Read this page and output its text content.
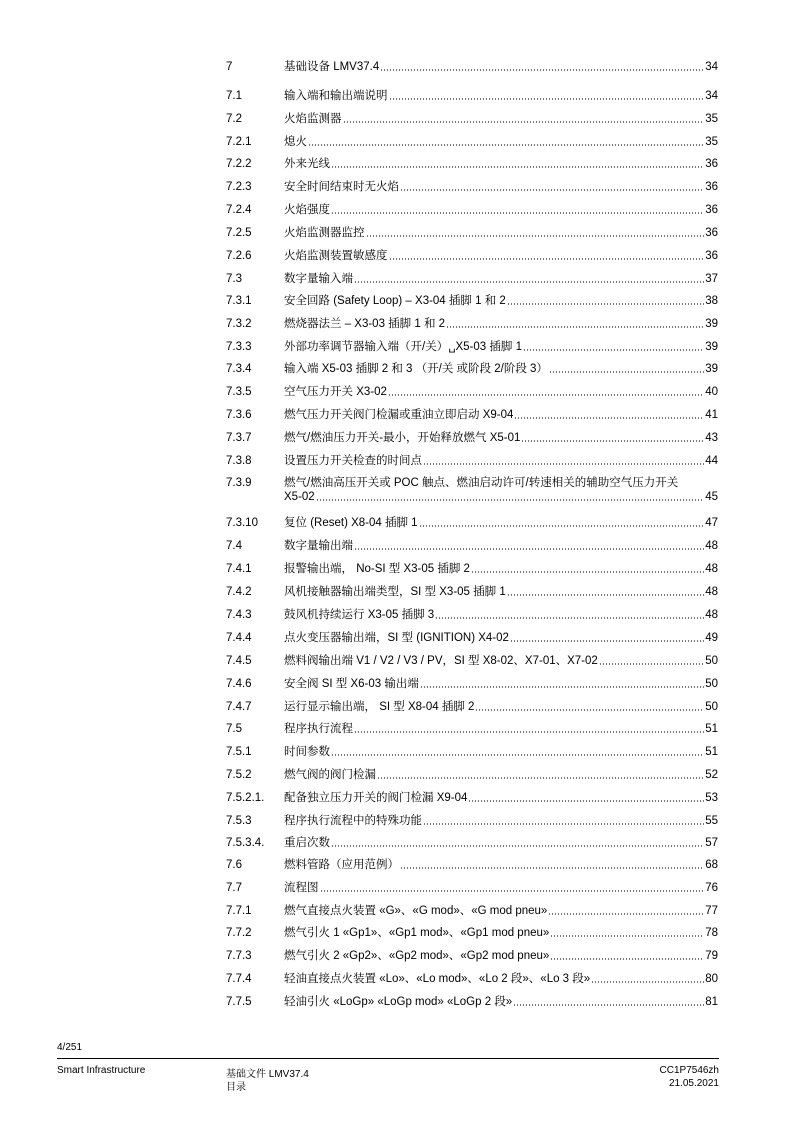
7	基础设备 LMV37.4	34
7.1	输入端和输出端说明	34
7.2	火焰监测器	35
7.2.1	熄火	35
7.2.2	外来光线	36
7.2.3	安全时间结束时无火焰	36
7.2.4	火焰强度	36
7.2.5	火焰监测器监控	36
7.2.6	火焰监测装置敏感度	36
7.3	数字量输入端	37
7.3.1	安全回路 (Safety Loop) – X3-04 插脚 1 和 2	38
7.3.2	燃烧器法兰 – X3-03 插脚 1 和 2	39
7.3.3	外部功率调节器输入端（开/关）␣X5-03 插脚 1	39
7.3.4	输入端 X5-03 插脚 2 和 3 （开/关 或阶段 2/阶段 3）	39
7.3.5	空气压力开关 X3-02	40
7.3.6	燃气压力开关阀门检漏或重油立即启动 X9-04	41
7.3.7	燃气/燃油压力开关-最小，开始释放燃气 X5-01	43
7.3.8	设置压力开关检查的时间点	44
7.3.9	燃气/燃油高压开关或 POC 触点、燃油启动许可/转速相关的辅助空气压力开关
X5-02	45
7.3.10	复位 (Reset) X8-04 插脚 1	47
7.4	数字量输出端	48
7.4.1	报警输出端， No-SI 型 X3-05 插脚 2	48
7.4.2	风机接触器输出端类型，SI 型 X3-05 插脚 1	48
7.4.3	鼓风机持续运行 X3-05 插脚 3	48
7.4.4	点火变压器输出端，SI 型 (IGNITION) X4-02	49
7.4.5	燃料阀输出端 V1 / V2 / V3 / PV，SI 型 X8-02、X7-01、X7-02	50
7.4.6	安全阀 SI 型 X6-03 输出端	50
7.4.7	运行显示输出端， SI 型 X8-04 插脚 2	50
7.5	程序执行流程	51
7.5.1	时间参数	51
7.5.2	燃气阀的阀门检漏	52
7.5.2.1.	配备独立压力开关的阀门检漏 X9-04	53
7.5.3	程序执行流程中的特殊功能	55
7.5.3.4.	重启次数	57
7.6	燃料管路（应用范例）	68
7.7	流程图	76
7.7.1	燃气直接点火装置 «G»、«G mod»、«G mod pneu»	77
7.7.2	燃气引火 1 «Gp1»、«Gp1 mod»、«Gp1 mod pneu»	78
7.7.3	燃气引火 2 «Gp2»、«Gp2 mod»、«Gp2 mod pneu»	79
7.7.4	轻油直接点火装置 «Lo»、«Lo mod»、«Lo 2 段»、«Lo 3 段»	80
7.7.5	轻油引火 «LoGp» «LoGp mod» «LoGp 2 段»	81
4/251
Smart Infrastructure	基础文件 LMV37.4
目录
CC1P7546zh
21.05.2021
